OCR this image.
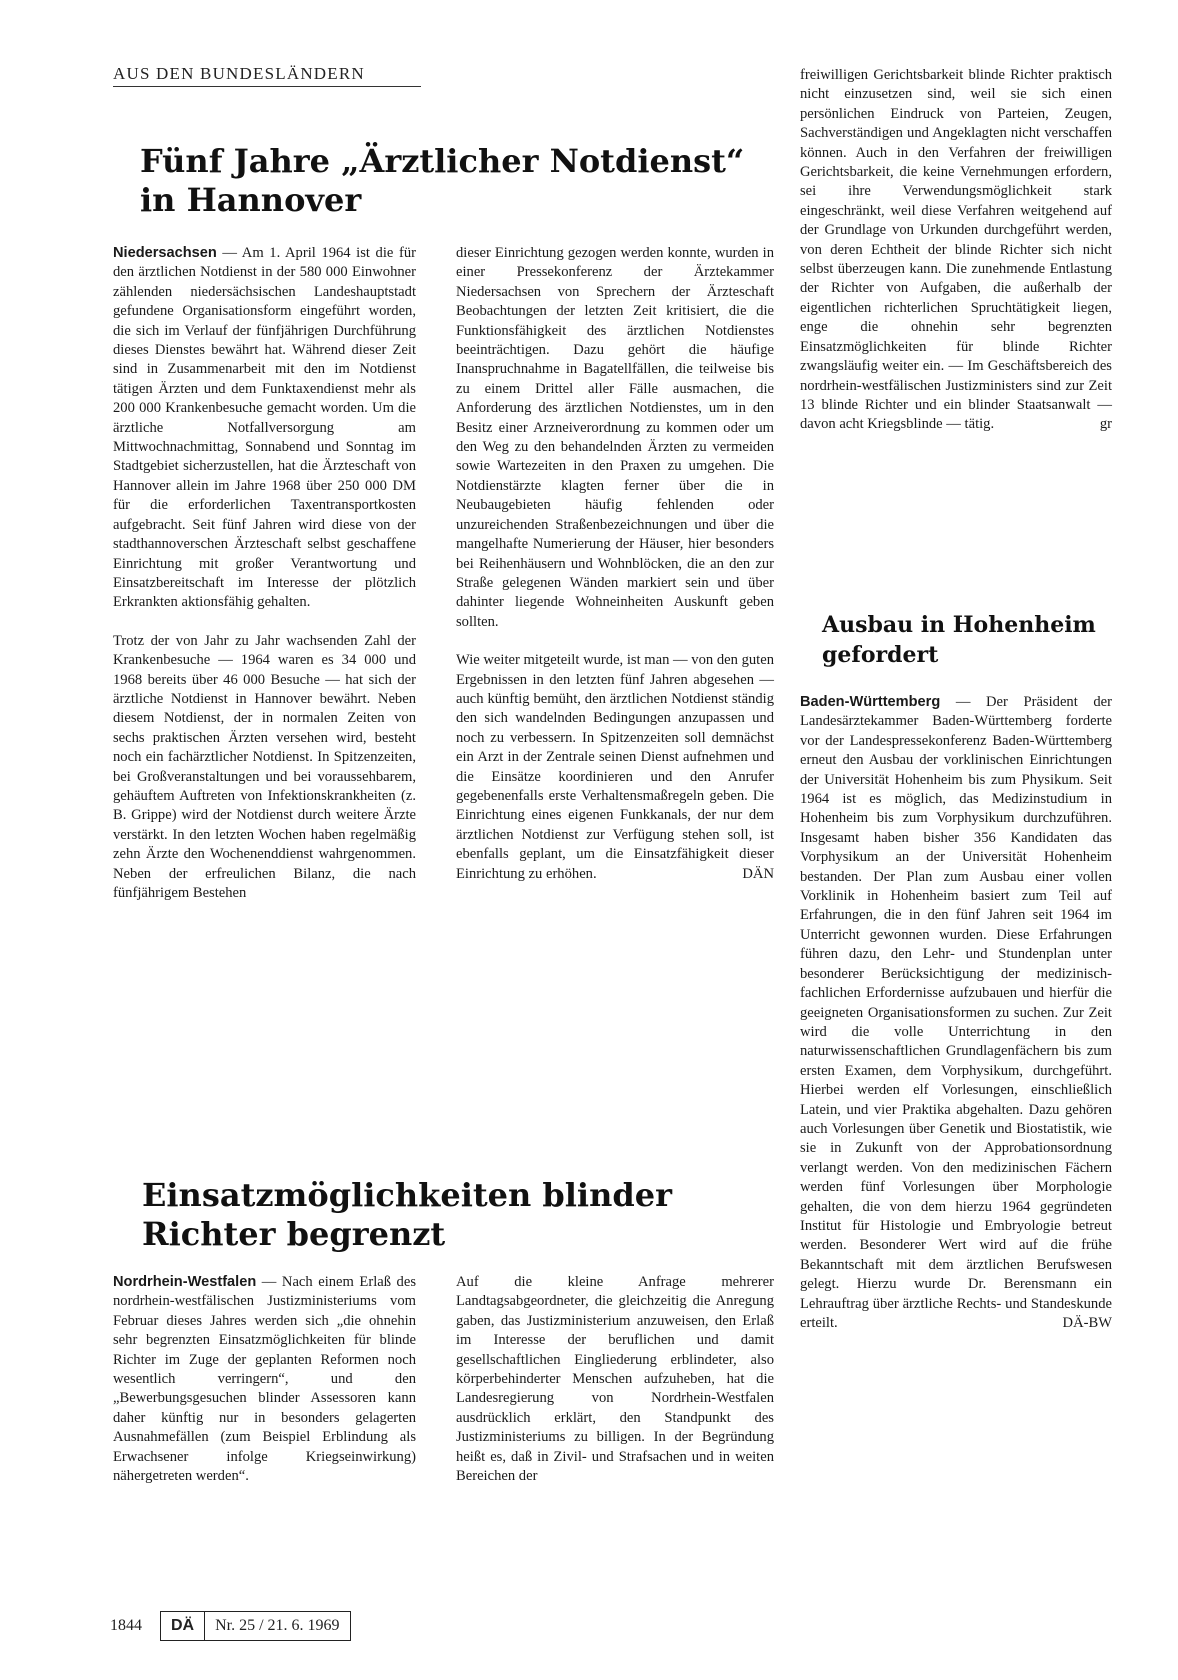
AUS DEN BUNDESLÄNDERN
Fünf Jahre „Ärztlicher Notdienst“ in Hannover

Niedersachsen — Am 1. April 1964 ist die für den ärztlichen Notdienst in der 580 000 Einwohner zählenden niedersächsischen Landeshauptstadt gefundene Organisationsform eingeführt worden, die sich im Verlauf der fünfjährigen Durchführung dieses Dienstes bewährt hat. Während dieser Zeit sind in Zusammenarbeit mit den im Notdienst tätigen Ärzten und dem Funktaxendienst mehr als 200 000 Krankenbesuche gemacht worden. Um die ärztliche Notfallversorgung am Mittwochnachmittag, Sonnabend und Sonntag im Stadtgebiet sicherzustellen, hat die Ärzteschaft von Hannover allein im Jahre 1968 über 250 000 DM für die erforderlichen Taxentransportkosten aufgebracht. Seit fünf Jahren wird diese von der stadthannoverschen Ärzteschaft selbst geschaffene Einrichtung mit großer Verantwortung und Einsatzbereitschaft im Interesse der plötzlich Erkrankten aktionsfähig gehalten.

Trotz der von Jahr zu Jahr wachsenden Zahl der Krankenbesuche — 1964 waren es 34 000 und 1968 bereits über 46 000 Besuche — hat sich der ärztliche Notdienst in Hannover bewährt. Neben diesem Notdienst, der in normalen Zeiten von sechs praktischen Ärzten versehen wird, besteht noch ein fachärztlicher Notdienst. In Spitzenzeiten, bei Großveranstaltungen und bei voraussehbarem, gehäuftem Auftreten von Infektionskrankheiten (z. B. Grippe) wird der Notdienst durch weitere Ärzte verstärkt. In den letzten Wochen haben regelmäßig zehn Ärzte den Wochenenddienst wahrgenommen. Neben der erfreulichen Bilanz, die nach fünfjährigem Bestehen

dieser Einrichtung gezogen werden konnte, wurden in einer Pressekonferenz der Ärztekammer Niedersachsen von Sprechern der Ärzteschaft Beobachtungen der letzten Zeit kritisiert, die die Funktionsfähigkeit des ärztlichen Notdienstes beeinträchtigen. Dazu gehört die häufige Inanspruchnahme in Bagatellfällen, die teilweise bis zu einem Drittel aller Fälle ausmachen, die Anforderung des ärztlichen Notdienstes, um in den Besitz einer Arzneiverordnung zu kommen oder um den Weg zu den behandelnden Ärzten zu vermeiden sowie Wartezeiten in den Praxen zu umgehen. Die Notdienstärzte klagten ferner über die in Neubaugebieten häufig fehlenden oder unzureichenden Straßenbezeichnungen und über die mangelhafte Numerierung der Häuser, hier besonders bei Reihenhäusern und Wohnblöcken, die an den zur Straße gelegenen Wänden markiert sein und über dahinter liegende Wohneinheiten Auskunft geben sollten.

Wie weiter mitgeteilt wurde, ist man — von den guten Ergebnissen in den letzten fünf Jahren abgesehen — auch künftig bemüht, den ärztlichen Notdienst ständig den sich wandelnden Bedingungen anzupassen und noch zu verbessern. In Spitzenzeiten soll demnächst ein Arzt in der Zentrale seinen Dienst aufnehmen und die Einsätze koordinieren und den Anrufer gegebenenfalls erste Verhaltensmaßregeln geben. Die Einrichtung eines eigenen Funkkanals, der nur dem ärztlichen Notdienst zur Verfügung stehen soll, ist ebenfalls geplant, um die Einsatzfähigkeit dieser Einrichtung zu erhöhen.	DÄN

Einsatzmöglichkeiten blinder Richter begrenzt

Nordrhein-Westfalen — Nach einem Erlaß des nordrhein-westfälischen Justizministeriums vom Februar dieses Jahres werden sich „die ohnehin sehr begrenzten Einsatzmöglichkeiten für blinde Richter im Zuge der geplanten Reformen noch wesentlich verringern“, und den „Bewerbungsgesuchen blinder Assessoren kann daher künftig nur in besonders gelagerten Ausnahmefällen (zum Beispiel Erblindung als Erwachsener infolge Kriegseinwirkung) nähergetreten werden“.

Auf die kleine Anfrage mehrerer Landtagsabgeordneter, die gleichzeitig die Anregung gaben, das Justizministerium anzuweisen, den Erlaß im Interesse der beruflichen und damit gesellschaftlichen Eingliederung erblindeter, also körperbehinderter Menschen aufzuheben, hat die Landesregierung von Nordrhein-Westfalen ausdrücklich erklärt, den Standpunkt des Justizministeriums zu billigen. In der Begründung heißt es, daß in Zivil- und Strafsachen und in weiten Bereichen der

freiwilligen Gerichtsbarkeit blinde Richter praktisch nicht einzusetzen sind, weil sie sich einen persönlichen Eindruck von Parteien, Zeugen, Sachverständigen und Angeklagten nicht verschaffen können. Auch in den Verfahren der freiwilligen Gerichtsbarkeit, die keine Vernehmungen erfordern, sei ihre Verwendungsmöglichkeit stark eingeschränkt, weil diese Verfahren weitgehend auf der Grundlage von Urkunden durchgeführt werden, von deren Echtheit der blinde Richter sich nicht selbst überzeugen kann. Die zunehmende Entlastung der Richter von Aufgaben, die außerhalb der eigentlichen richterlichen Spruchtätigkeit liegen, enge die ohnehin sehr begrenzten Einsatzmöglichkeiten für blinde Richter zwangsläufig weiter ein. — Im Geschäftsbereich des nordrhein-westfälischen Justizministers sind zur Zeit 13 blinde Richter und ein blinder Staatsanwalt — davon acht Kriegsblinde — tätig.	gr

Ausbau in Hohenheim gefordert

Baden-Württemberg — Der Präsident der Landesärztekammer Baden-Württemberg forderte vor der Landespressekonferenz Baden-Württemberg erneut den Ausbau der vorklinischen Einrichtungen der Universität Hohenheim bis zum Physikum. Seit 1964 ist es möglich, das Medizinstudium in Hohenheim bis zum Vorphysikum durchzuführen. Insgesamt haben bisher 356 Kandidaten das Vorphysikum an der Universität Hohenheim bestanden. Der Plan zum Ausbau einer vollen Vorklinik in Hohenheim basiert zum Teil auf Erfahrungen, die in den fünf Jahren seit 1964 im Unterricht gewonnen wurden. Diese Erfahrungen führen dazu, den Lehr- und Stundenplan unter besonderer Berücksichtigung der medizinisch-fachlichen Erfordernisse aufzubauen und hierfür die geeigneten Organisationsformen zu suchen. Zur Zeit wird die volle Unterrichtung in den naturwissenschaftlichen Grundlagenfächern bis zum ersten Examen, dem Vorphysikum, durchgeführt. Hierbei werden elf Vorlesungen, einschließlich Latein, und vier Praktika abgehalten. Dazu gehören auch Vorlesungen über Genetik und Biostatistik, wie sie in Zukunft von der Approbationsordnung verlangt werden. Von den medizinischen Fächern werden fünf Vorlesungen über Morphologie gehalten, die von dem hierzu 1964 gegründeten Institut für Histologie und Embryologie betreut werden. Besonderer Wert wird auf die frühe Bekanntschaft mit dem ärztlichen Berufswesen gelegt. Hierzu wurde Dr. Berensmann ein Lehrauftrag über ärztliche Rechts- und Standeskunde erteilt.	DÄ-BW

1844	DÄ	Nr. 25 / 21. 6. 1969
